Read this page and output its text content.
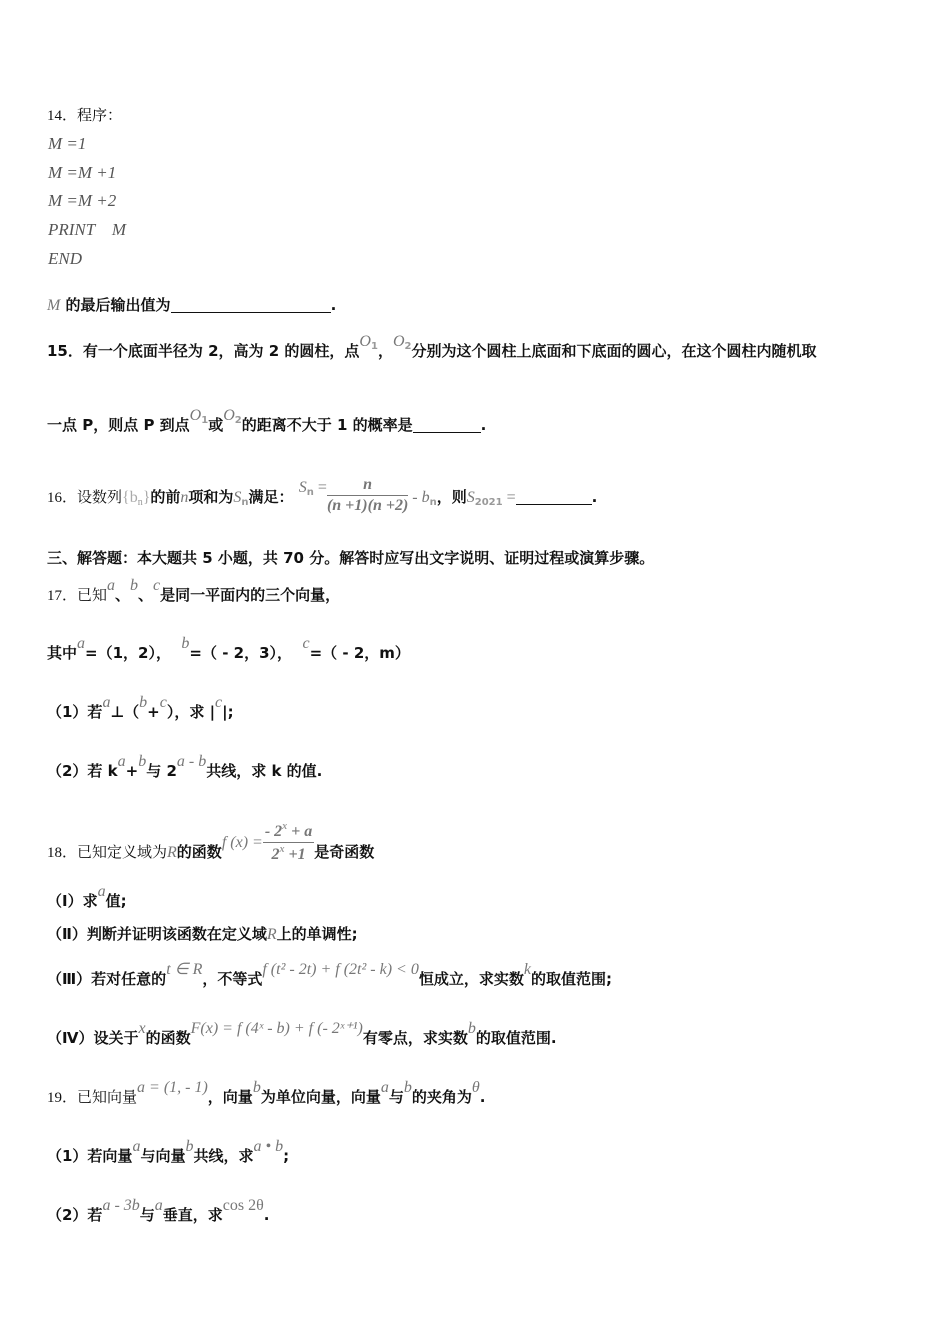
14．程序：
M =1
M =M +1
M =M +2
PRINT    M
END
M 的最后输出值为	.
15．有一个底面半径为 2，高为 2 的圆柱，点$O_1$，$O_2$分别为这个圆柱上底面和下底面的圆心，在这个圆柱内随机取
一点 P，则点 P 到点$O_1$或$O_2$的距离不大于 1 的概率是	.
16．设数列$\{b_n\}$的前n项和为$S_n$满足： $S^n = \frac{n}{(n +1)(n +2)} - b_n$，则$S_{2021}$ =	.
三、解答题：本大题共 5 小题，共 70 分。解答时应写出文字说明、证明过程或演算步骤。
17．已知a、b、c是同一平面内的三个向量，
其中a=（1，2），  b=（ - 2，3），  c=（ - 2，m）
（1）若a⊥（b+c），求 |c|;
（2）若 ka+b与 2a - b共线，求 k 的值.
18．已知定义域为R的函数f $(x) = \frac{- 2^x + a}{2^x +1}$ 是奇函数
（Ⅰ）求a值;
（Ⅱ）判断并证明该函数在定义域R上的单调性;
（Ⅲ）若对任意的t ∈ R，不等式f (t² - 2t) + f (2t² - k) < 0恒成立，求实数k的取值范围;
（Ⅳ）设关于x的函数F(x) = f (4ˣ - b) + f (- 2ˣ⁺¹)有零点，求实数b的取值范围.
19．已知向量a = (1, - 1)，向量b为单位向量，向量a与b的夹角为θ.
（1）若向量a与向量b共线，求a • b;
（2）若a - 3b与a垂直，求cos 2θ.
